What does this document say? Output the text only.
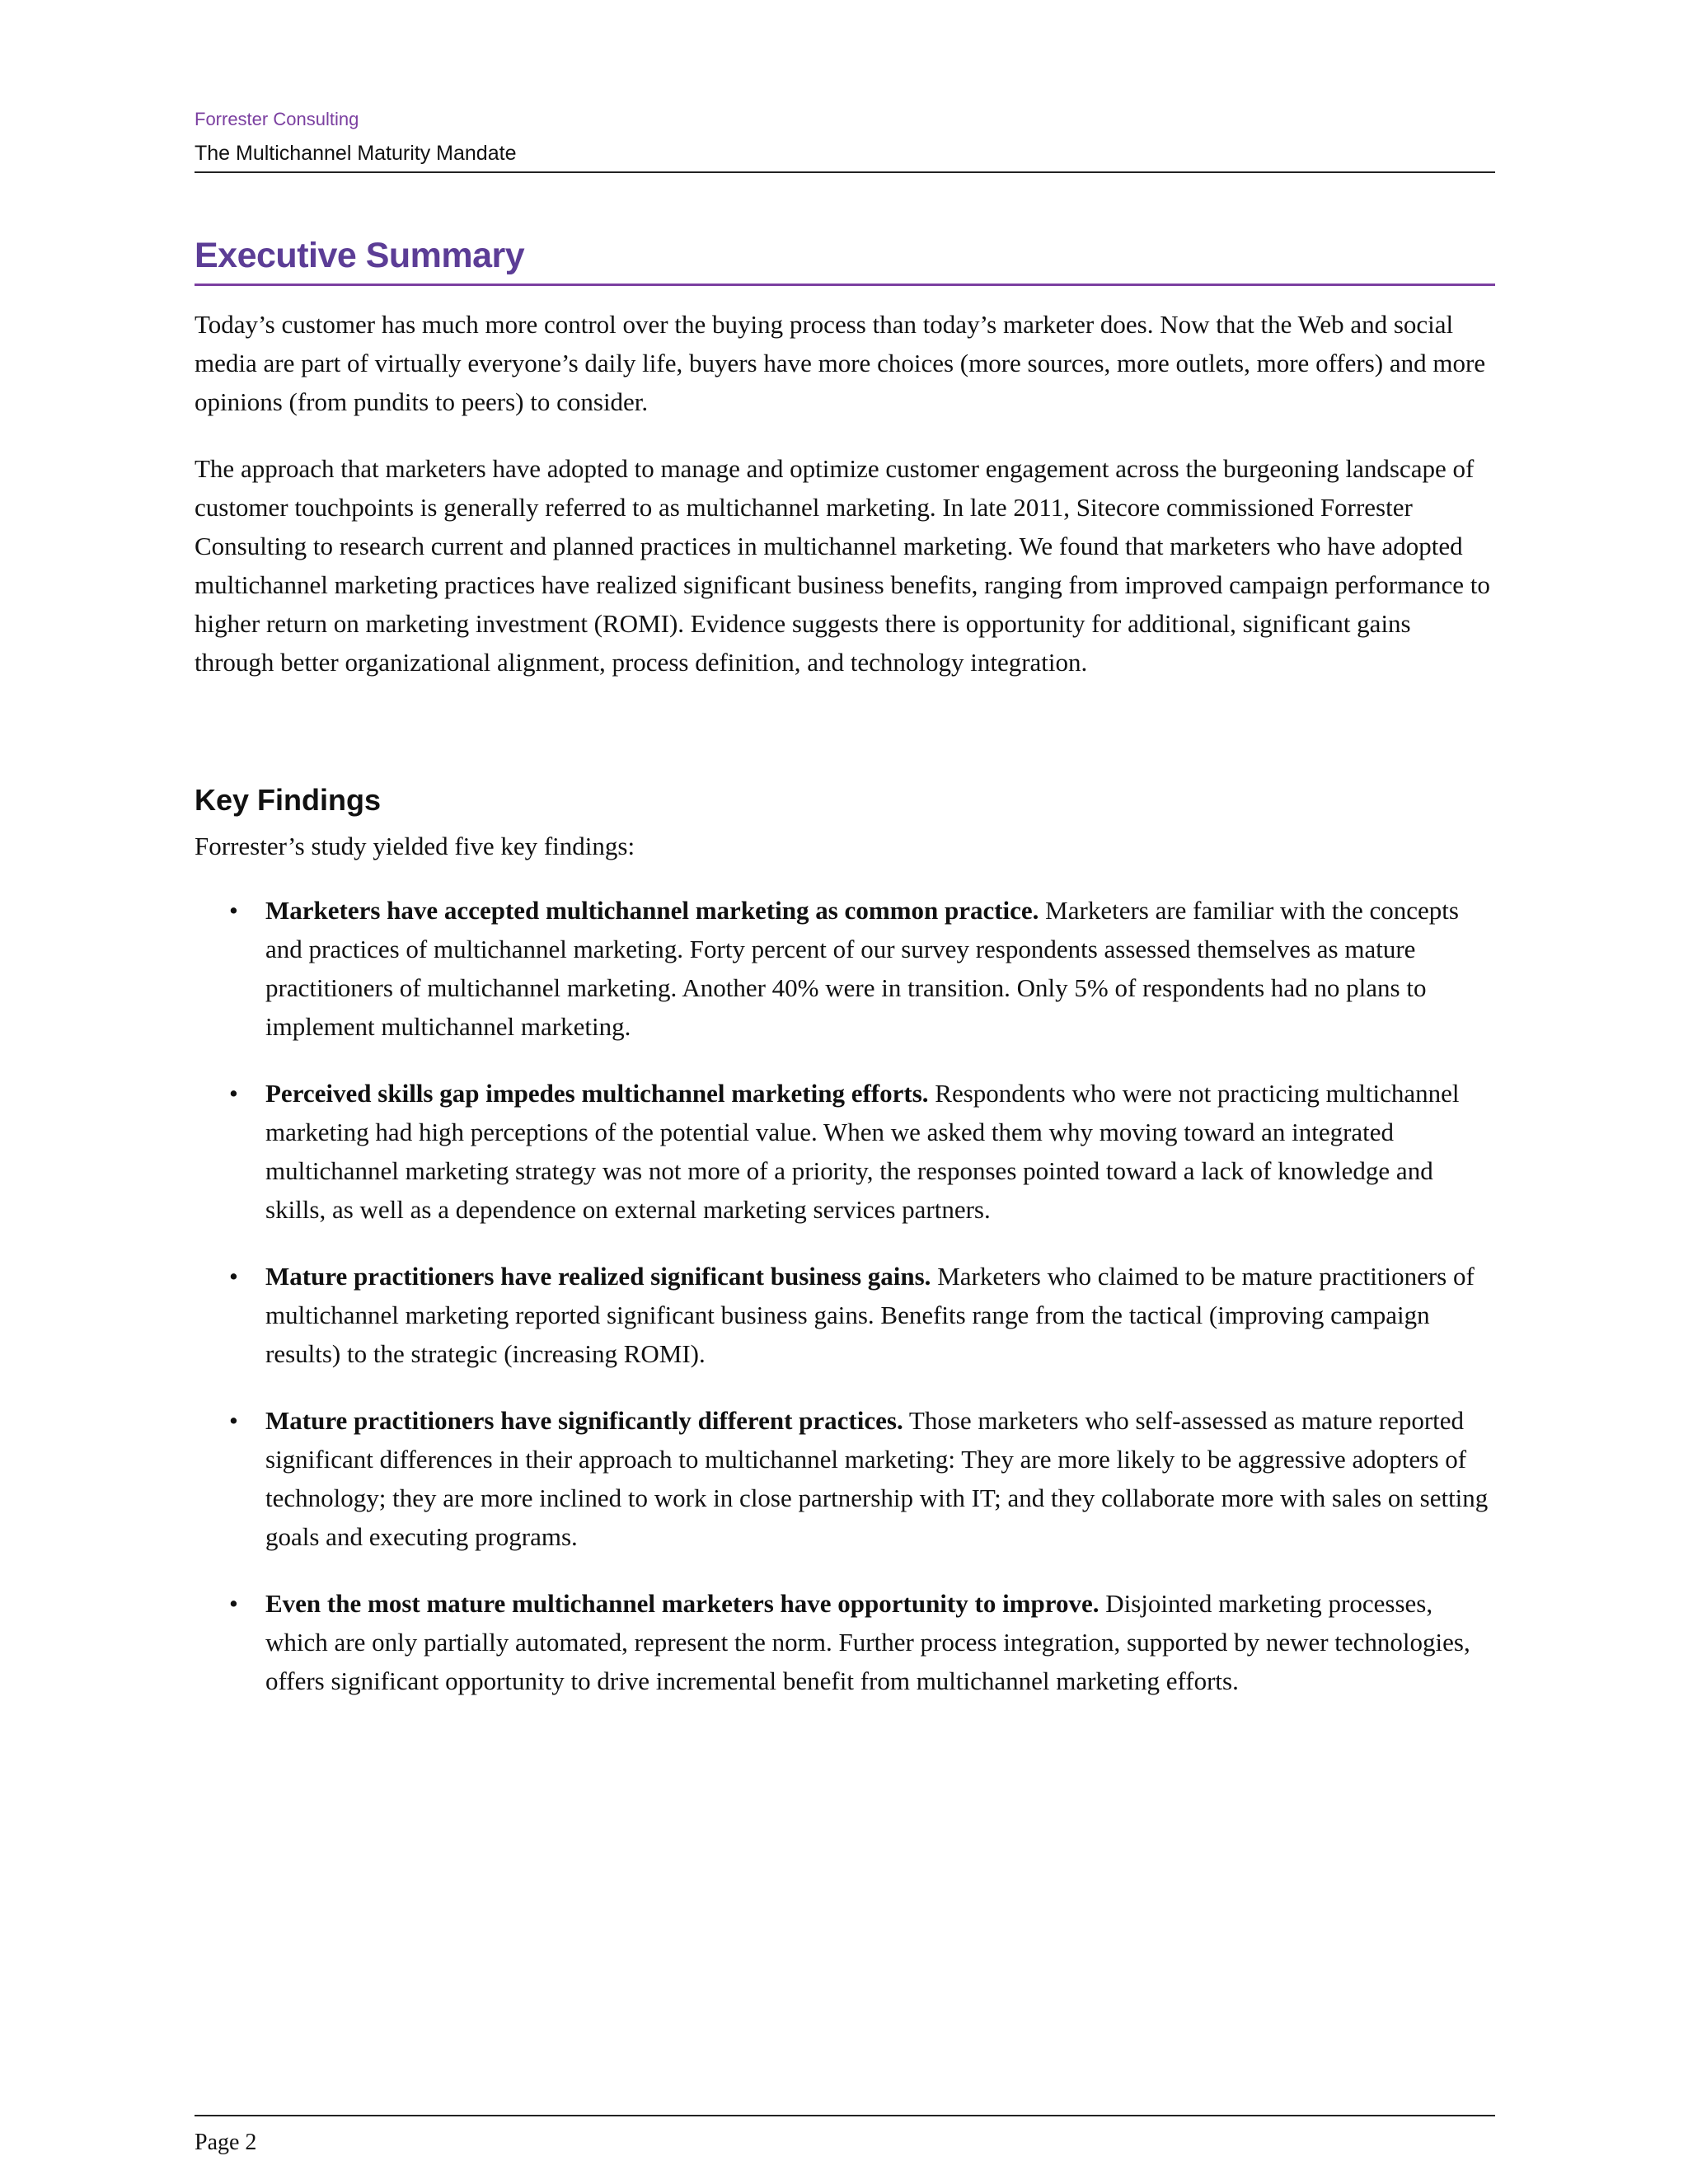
Forrester Consulting
The Multichannel Maturity Mandate
Executive Summary

Today’s customer has much more control over the buying process than today’s marketer does. Now that the Web and social media are part of virtually everyone’s daily life, buyers have more choices (more sources, more outlets, more offers) and more opinions (from pundits to peers) to consider.

The approach that marketers have adopted to manage and optimize customer engagement across the burgeoning landscape of customer touchpoints is generally referred to as multichannel marketing. In late 2011, Sitecore commissioned Forrester Consulting to research current and planned practices in multichannel marketing. We found that marketers who have adopted multichannel marketing practices have realized significant business benefits, ranging from improved campaign performance to higher return on marketing investment (ROMI). Evidence suggests there is opportunity for additional, significant gains through better organizational alignment, process definition, and technology integration.

Key Findings

Forrester’s study yielded five key findings:

• Marketers have accepted multichannel marketing as common practice. Marketers are familiar with the concepts and practices of multichannel marketing. Forty percent of our survey respondents assessed themselves as mature practitioners of multichannel marketing. Another 40% were in transition. Only 5% of respondents had no plans to implement multichannel marketing.
• Perceived skills gap impedes multichannel marketing efforts. Respondents who were not practicing multichannel marketing had high perceptions of the potential value. When we asked them why moving toward an integrated multichannel marketing strategy was not more of a priority, the responses pointed toward a lack of knowledge and skills, as well as a dependence on external marketing services partners.
• Mature practitioners have realized significant business gains. Marketers who claimed to be mature practitioners of multichannel marketing reported significant business gains. Benefits range from the tactical (improving campaign results) to the strategic (increasing ROMI).
• Mature practitioners have significantly different practices. Those marketers who self-assessed as mature reported significant differences in their approach to multichannel marketing: They are more likely to be aggressive adopters of technology; they are more inclined to work in close partnership with IT; and they collaborate more with sales on setting goals and executing programs.
• Even the most mature multichannel marketers have opportunity to improve. Disjointed marketing processes, which are only partially automated, represent the norm. Further process integration, supported by newer technologies, offers significant opportunity to drive incremental benefit from multichannel marketing efforts.
Page 2
